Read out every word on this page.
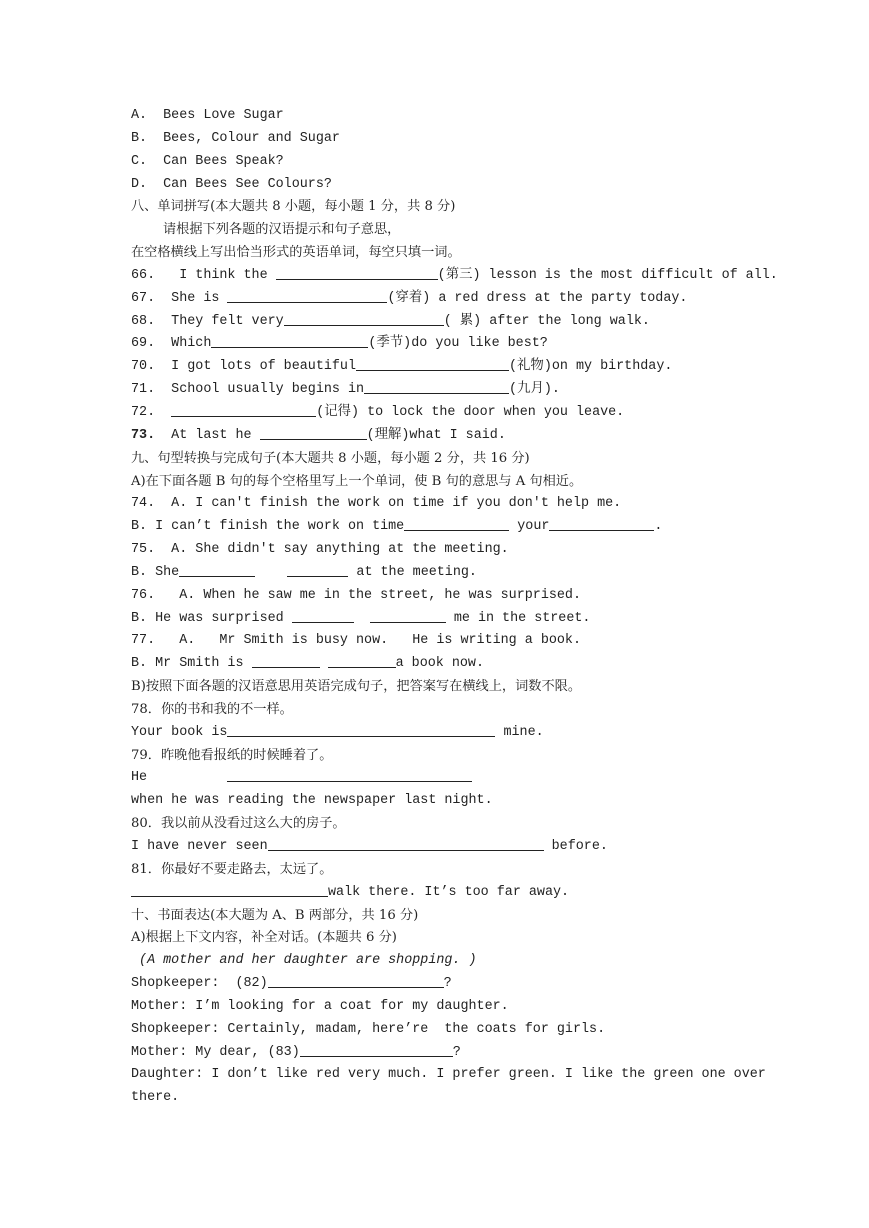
A.  Bees Love Sugar
B.  Bees, Colour and Sugar
C.  Can Bees Speak?
D.  Can Bees See Colours?
八、单词拼写(本大题共 8 小题，每小题 1 分，共 8 分)
请根据下列各题的汉语提示和句子意思，
在空格横线上写出恰当形式的英语单词，每空只填一词。
66.   I think the	(第三) lesson is the most difficult of all.
67.  She is	(穿着) a red dress at the party today.
68.  They felt very	( 累) after the long walk.
69.  Which	(季节)do you like best?
70.  I got lots of beautiful	(礼物)on my birthday.
71.  School usually begins in	(九月).
72.	(记得) to lock the door when you leave.
73.  At last he	(理解)what I said.
九、句型转换与完成句子(本大题共 8 小题，每小题 2 分，共 16 分)
A)在下面各题 B 句的每个空格里写上一个单词，使 B 句的意思与 A 句相近。
74.  A. I can't finish the work on time if you don't help me.
B. I can’t finish the work on time	your	.
75.  A. She didn't say anything at the meeting.
B. She	at the meeting.
76.   A. When he saw me in the street, he was surprised.
B. He was surprised	me in the street.
77.   A.   Mr Smith is busy now.   He is writing a book.
B. Mr Smith is	a book now.
B)按照下面各题的汉语意思用英语完成句子，把答案写在横线上，词数不限。
78．你的书和我的不一样。
Your book is	mine.
79．昨晚他看报纸的时候睡着了。
He
when he was reading the newspaper last night.
80．我以前从没看过这么大的房子。
I have never seen	before.
81．你最好不要走路去，太远了。
walk there. It’s too far away.
十、书面表达(本大题为 A、B 两部分，共 16 分)
A)根据上下文内容，补全对话。(本题共 6 分)
(A mother and her daughter are shopping. )
Shopkeeper:  (82)	?
Mother: I’m looking for a coat for my daughter.
Shopkeeper: Certainly, madam, here’re  the coats for girls.
Mother: My dear, (83)	?
Daughter: I don’t like red very much. I prefer green. I like the green one over
there.
